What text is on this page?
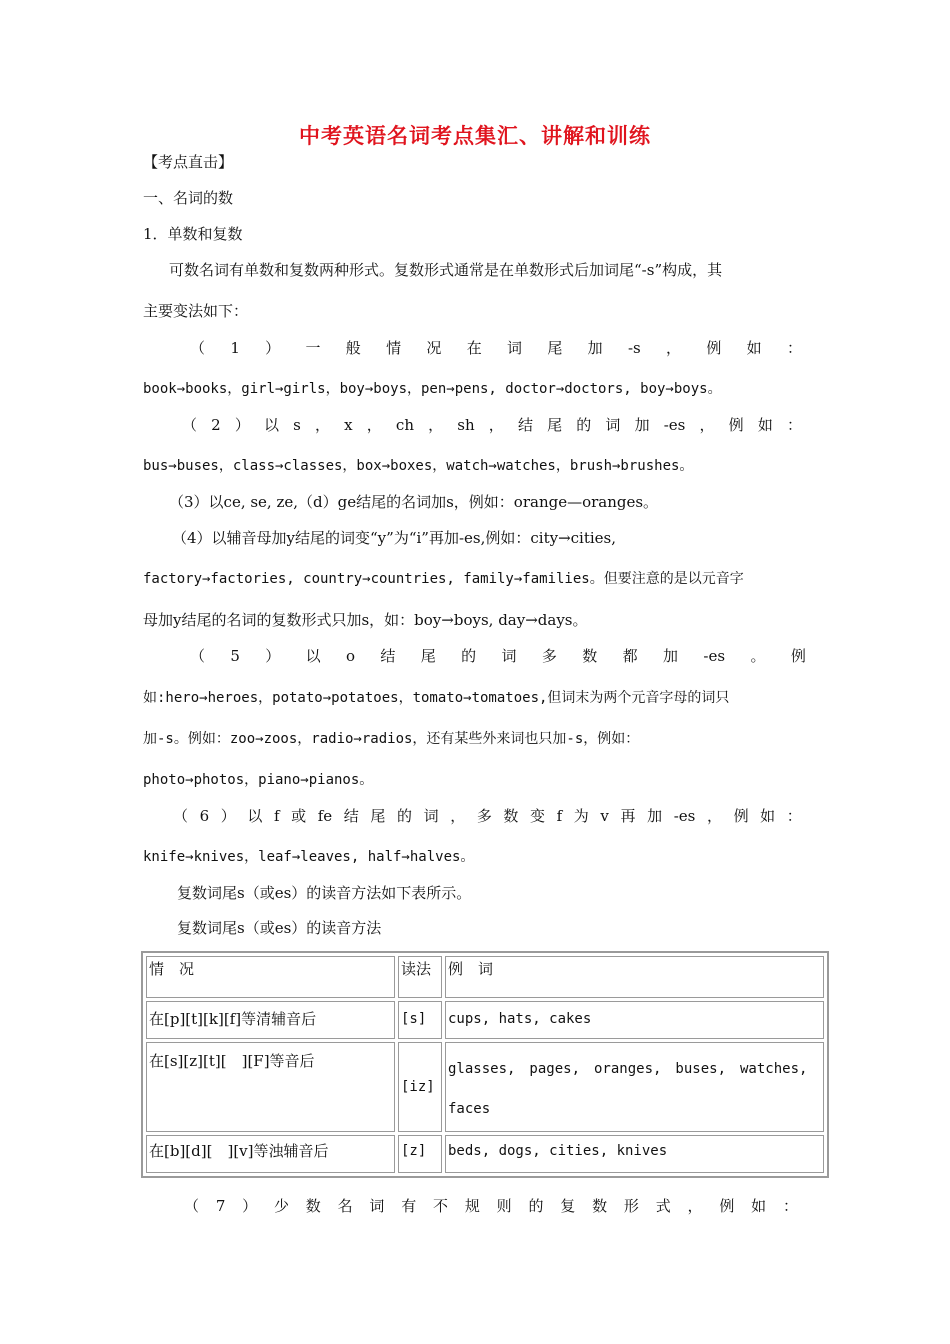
中考英语名词考点集汇、讲解和训练
【考点直击】
一、名词的数
1．单数和复数
可数名词有单数和复数两种形式。复数形式通常是在单数形式后加词尾“-s”构成，其
主要变法如下：
（ 1 ） 一 般 情 况 在 词 尾 加 -s ， 例 如 ：
book→books，girl→girls，boy→boys，pen→pens, doctor→doctors, boy→boys。
（ 2 ） 以 s ， x ， ch ， sh ， 结 尾 的 词 加 -es ， 例 如 ：
bus→buses，class→classes，box→boxes，watch→watches，brush→brushes。
（3）以ce, se, ze,（d）ge结尾的名词加s，例如：orange—oranges。
（4）以辅音母加y结尾的词变“y”为“i”再加-es,例如：city→cities,
factory→factories, country→countries, family→families。但要注意的是以元音字
母加y结尾的名词的复数形式只加s，如：boy→boys, day→days。
（ 5 ） 以 o 结 尾 的 词 多 数 都 加 -es 。 例
如:hero→heroes，potato→potatoes，tomato→tomatoes,但词末为两个元音字母的词只
加-s。例如：zoo→zoos，radio→radios，还有某些外来词也只加-s，例如：
photo→photos，piano→pianos。
（ 6 ） 以 f 或 fe 结 尾 的 词 ， 多 数 变 f 为 v 再 加 -es ， 例 如 ：
knife→knives，leaf→leaves, half→halves。
复数词尾s（或es）的读音方法如下表所示。
复数词尾s（或es）的读音方法
情　况	读法	例　词
在[p][t][k][f]等清辅音后	[s]	cups, hats, cakes
在[s][z][t][　][F]等音后	[iz]	glasses,　pages,　oranges,　buses,　watches,　faces
在[b][d][　][v]等浊辅音后	[z]	beds, dogs, cities, knives
（ 7 ） 少 数 名 词 有 不 规 则 的 复 数 形 式 ， 例 如 ：
